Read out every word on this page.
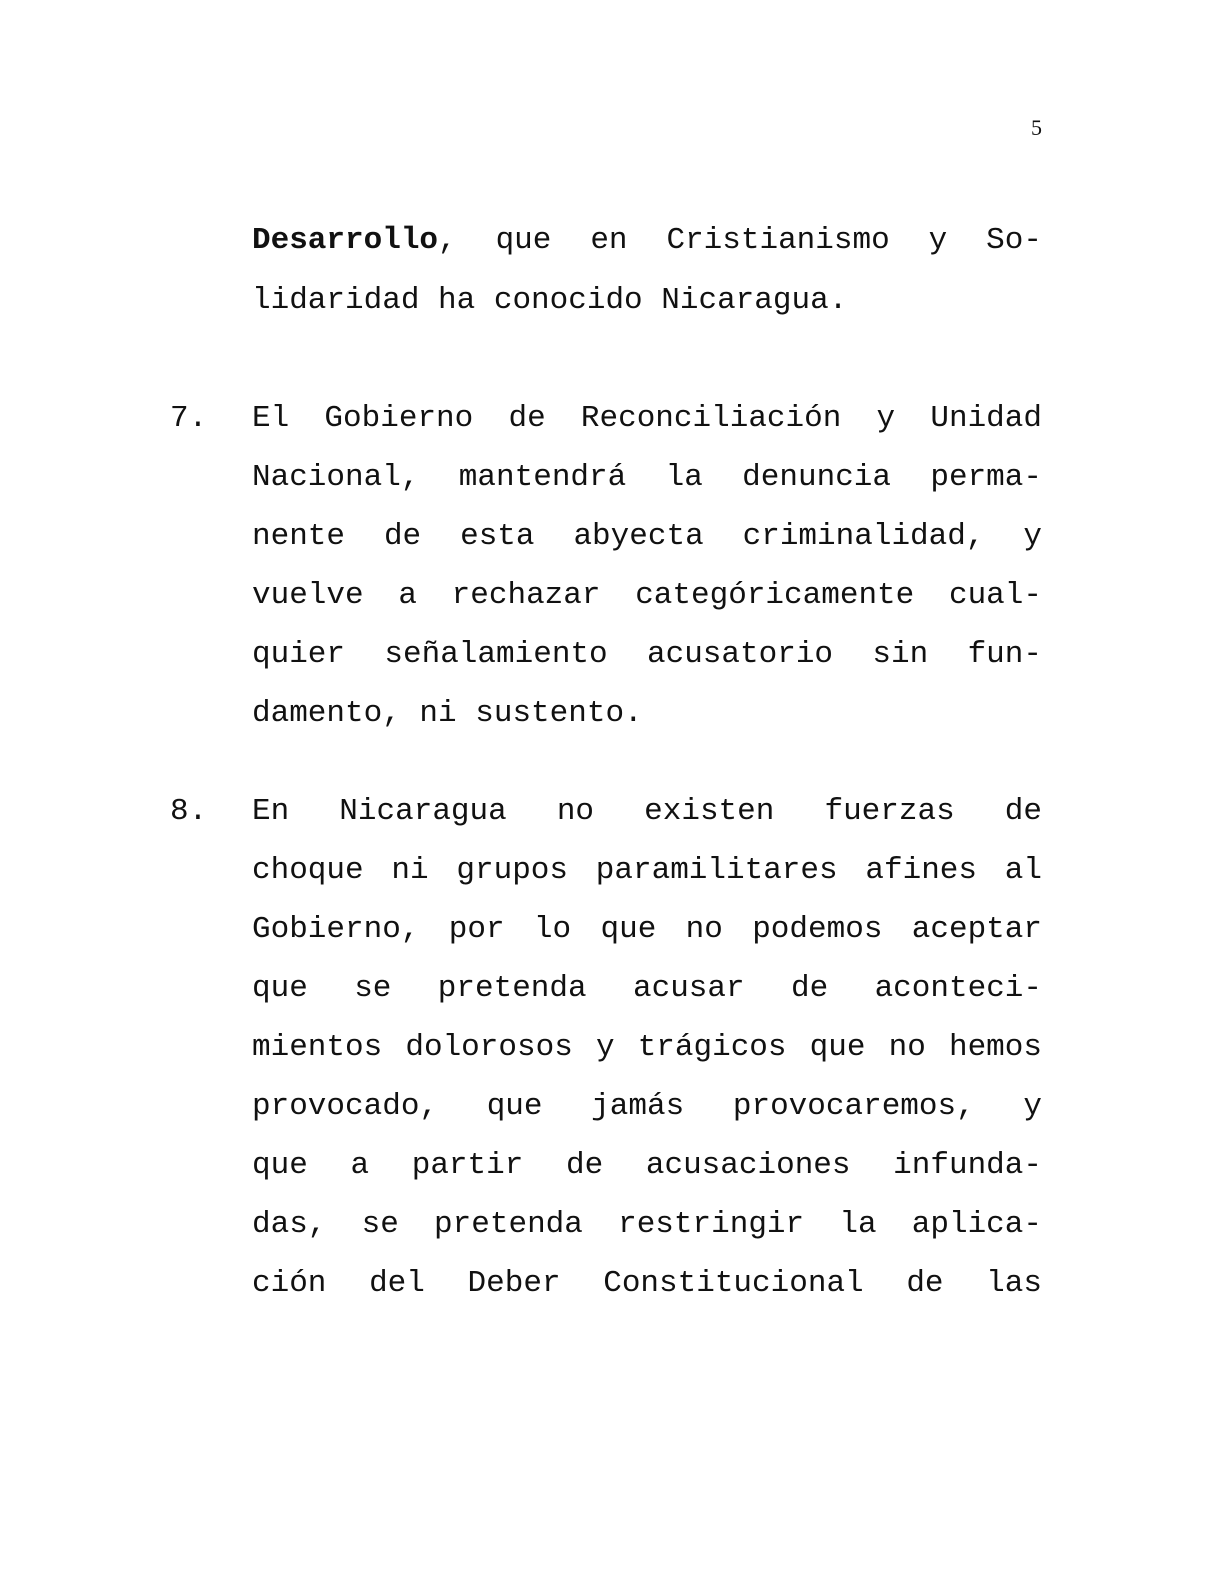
5
Desarrollo, que en Cristianismo y So-
lidaridad ha conocido Nicaragua.
7. El Gobierno de Reconciliación y Unidad
Nacional, mantendrá la denuncia perma-
nente de esta abyecta criminalidad, y
vuelve a rechazar categóricamente cual-
quier señalamiento acusatorio sin fun-
damento, ni sustento.
8. En Nicaragua no existen fuerzas de
choque ni grupos paramilitares afines al
Gobierno, por lo que no podemos aceptar
que se pretenda acusar de aconteci-
mientos dolorosos y trágicos que no hemos
provocado, que jamás provocaremos, y
que a partir de acusaciones infunda-
das, se pretenda restringir la aplica-
ción del Deber Constitucional de las
